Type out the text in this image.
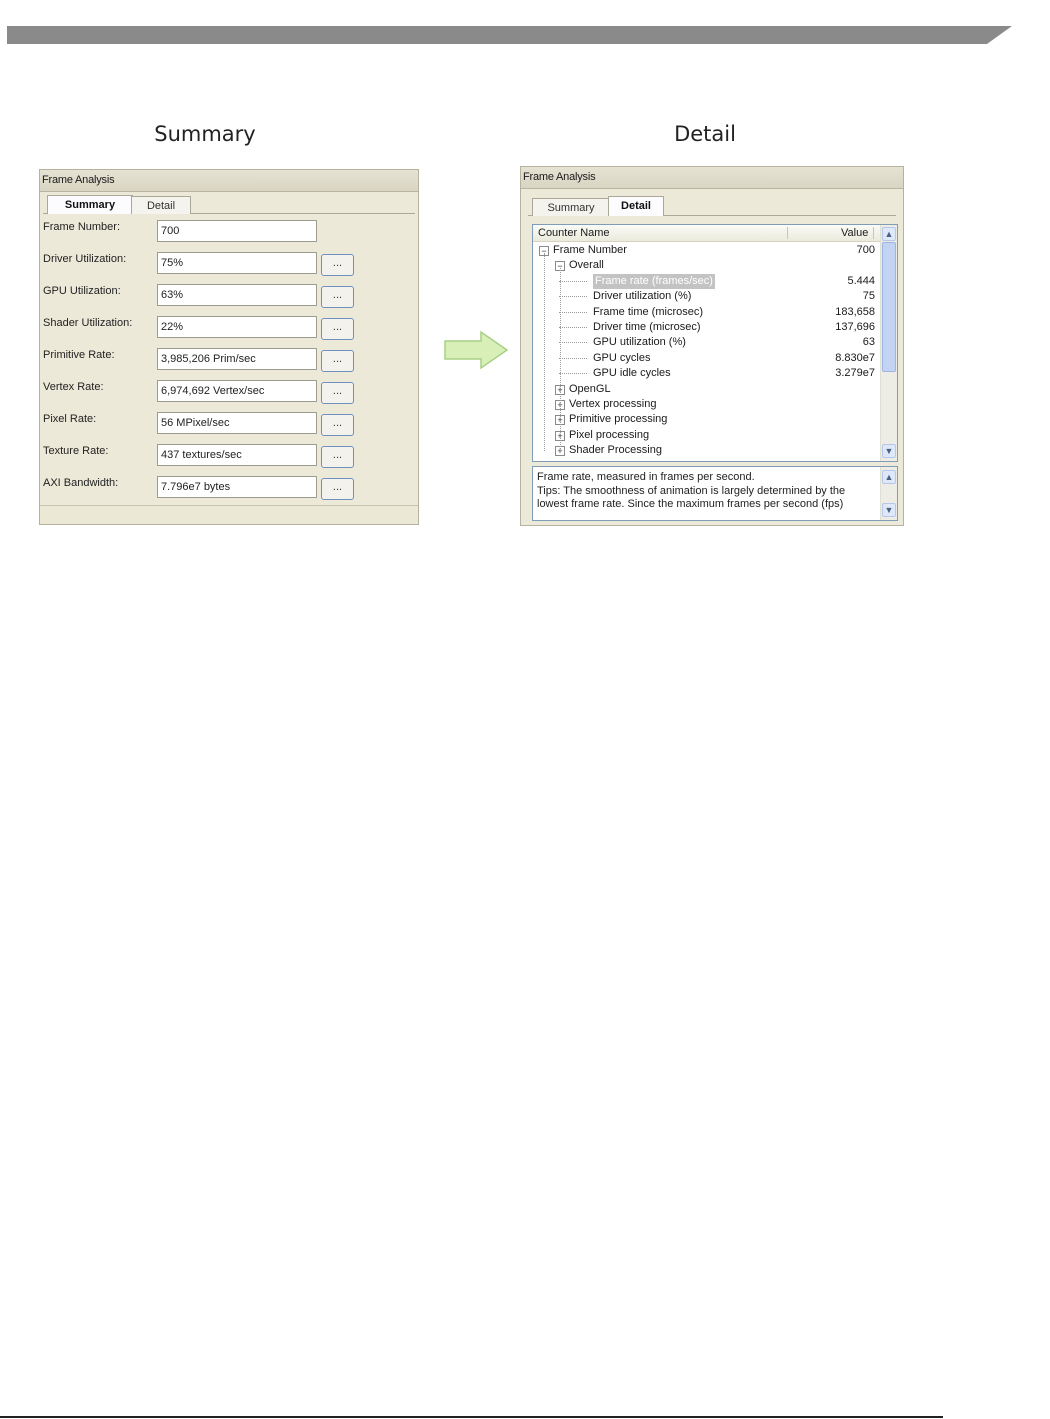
Summary	Detail
Frame Analysis
Summary	Detail
Frame Number:	700
Driver Utilization:	75%	...
GPU Utilization:	63%	...
Shader Utilization:	22%	...
Primitive Rate:	3,985,206 Prim/sec	...
Vertex Rate:	6,974,692 Vertex/sec	...
Pixel Rate:	56 MPixel/sec	...
Texture Rate:	437 textures/sec	...
AXI Bandwidth:	7.796e7 bytes	...
Frame Analysis
Summary	Detail
Counter Name	Value
− Frame Number	700
− Overall
Frame rate (frames/sec)	5.444
Driver utilization (%)	75
Frame time (microsec)	183,658
Driver time (microsec)	137,696
GPU utilization (%)	63
GPU cycles	8.830e7
GPU idle cycles	3.279e7
+ OpenGL
+ Vertex processing
+ Primitive processing
+ Pixel processing
+ Shader Processing
▲
▼
Frame rate, measured in frames per second.
Tips: The smoothness of animation is largely determined by the
lowest frame rate. Since the maximum frames per second (fps)
▲
▼
